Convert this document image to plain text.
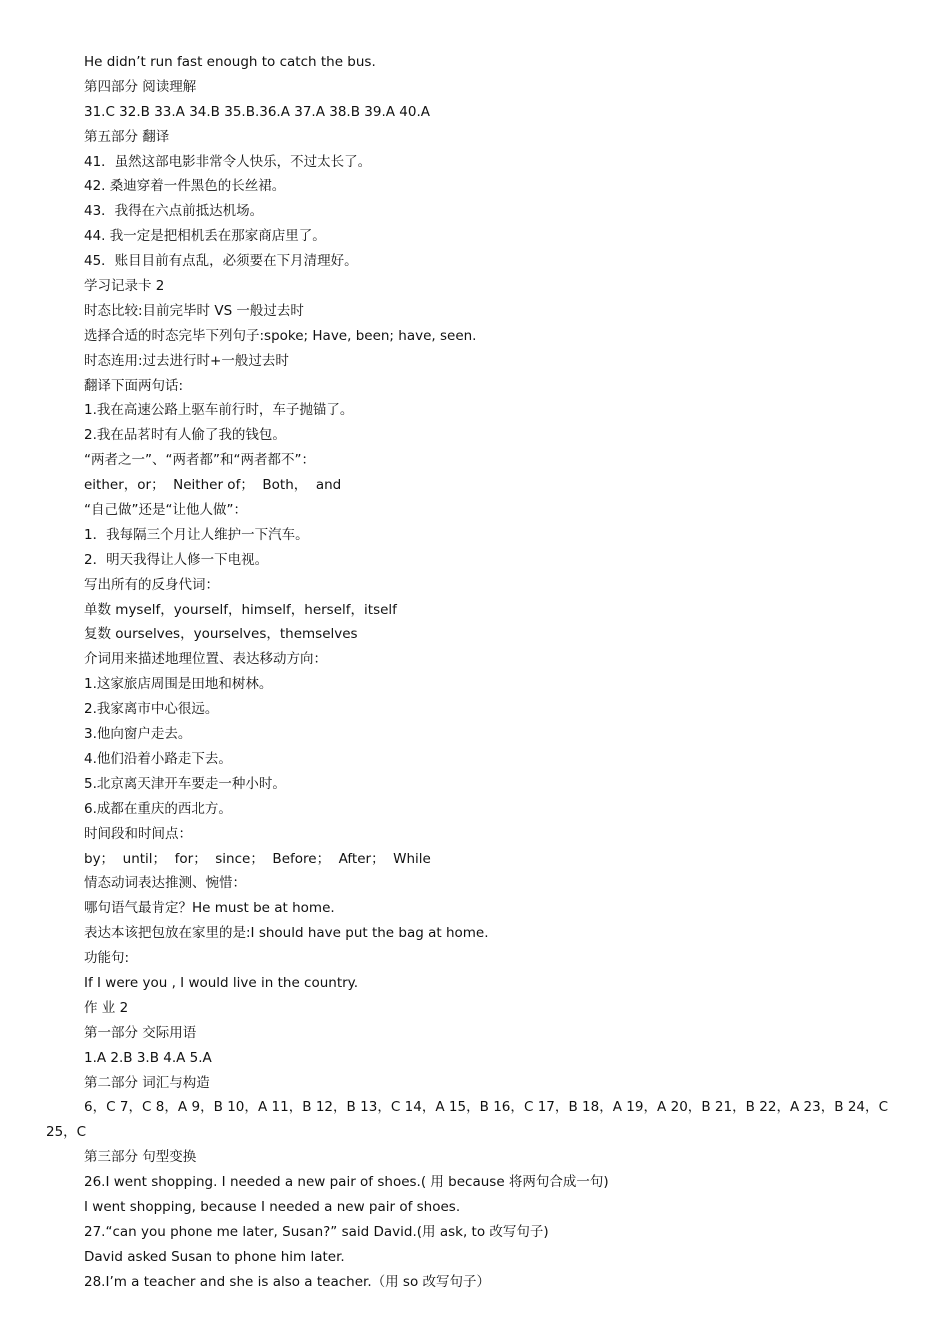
He didn’t run fast enough to catch the bus.
第四部分 阅读理解
31.C 32.B 33.A 34.B 35.B.36.A 37.A 38.B 39.A 40.A
第五部分 翻译
41．虽然这部电影非常令人快乐，不过太长了。
42. 桑迪穿着一件黑色的长丝裙。
43．我得在六点前抵达机场。
44. 我一定是把相机丢在那家商店里了。
45．账目目前有点乱，必须要在下月清理好。
学习记录卡 2
时态比较:目前完毕时 VS 一般过去时
选择合适的时态完毕下列句子:spoke; Have, been; have, seen.
时态连用:过去进行时+一般过去时
翻译下面两句话:
1.我在高速公路上驱车前行时，车子抛锚了。
2.我在品茗时有人偷了我的钱包。
“两者之一”、“两者都”和“两者都不”：
either，or；  Neither of；  Both，  and
“自己做”还是“让他人做”：
1．我每隔三个月让人维护一下汽车。
2．明天我得让人修一下电视。
写出所有的反身代词：
单数 myself，yourself，himself，herself，itself
复数 ourselves，yourselves，themselves
介词用来描述地理位置、表达移动方向：
1.这家旅店周围是田地和树林。
2.我家离市中心很远。
3.他向窗户走去。
4.他们沿着小路走下去。
5.北京离天津开车要走一种小时。
6.成都在重庆的西北方。
时间段和时间点：
by；  until；  for；  since；  Before；  After；  While
情态动词表达推测、惋惜：
哪句语气最肯定？He must be at home.
表达本该把包放在家里的是:I should have put the bag at home.
功能句:
If I were you , I would live in the country.
作 业 2
第一部分 交际用语
1.A 2.B 3.B 4.A 5.A
第二部分 词汇与构造
6，C 7，C 8，A 9，B 10，A 11，B 12，B 13，C 14，A 15，B 16，C 17，B 18，A 19，A 20，B 21，B 22，A 23，B 24，C
25，C
第三部分 句型变换
26.I went shopping. I needed a new pair of shoes.( 用 because 将两句合成一句)
I went shopping, because I needed a new pair of shoes.
27.“can you phone me later, Susan?” said David.(用 ask, to 改写句子)
David asked Susan to phone him later.
28.I’m a teacher and she is also a teacher.（用 so 改写句子）
